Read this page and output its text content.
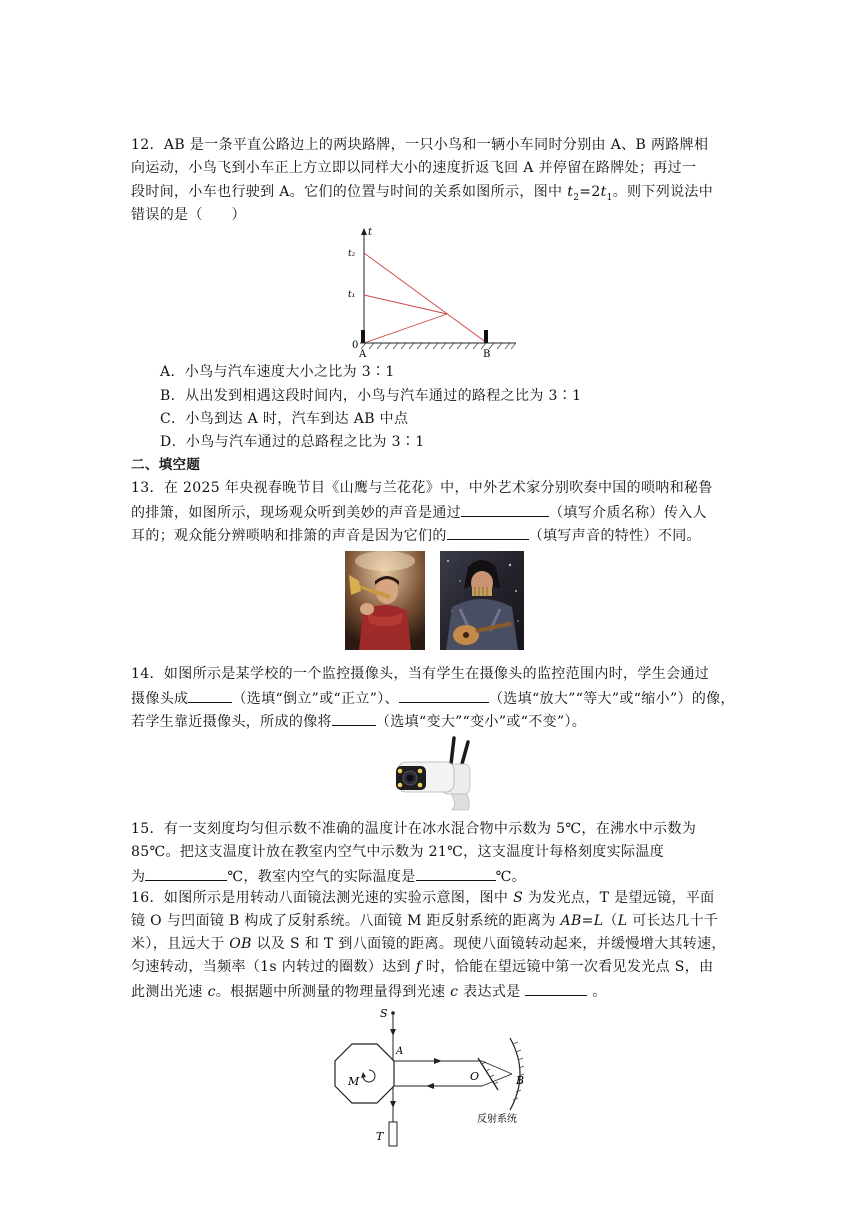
12．AB 是一条平直公路边上的两块路牌，一只小鸟和一辆小车同时分别由 A、B 两路牌相
向运动，小鸟飞到小车正上方立即以同样大小的速度折返飞回 A 并停留在路牌处；再过一
段时间，小车也行驶到 A。它们的位置与时间的关系如图所示，图中 $t_2=2t_1$。则下列说法中
错误的是（　　）
t
t₂
t₁
0
A	B
A．小鸟与汽车速度大小之比为 3∶1
B．从出发到相遇这段时间内，小鸟与汽车通过的路程之比为 3∶1
C．小鸟到达 A 时，汽车到达 AB 中点
D．小鸟与汽车通过的总路程之比为 3∶1
二、填空题
13．在 2025 年央视春晚节目《山鹰与兰花花》中，中外艺术家分别吹奏中国的唢呐和秘鲁
的排箫，如图所示，现场观众听到美妙的声音是通过	（填写介质名称）传入人
耳的；观众能分辨唢呐和排箫的声音是因为它们的	（填写声音的特性）不同。
14．如图所示是某学校的一个监控摄像头，当有学生在摄像头的监控范围内时，学生会通过
摄像头成	（选填“倒立”或“正立”）、	（选填“放大”“等大”或“缩小”）的像，
若学生靠近摄像头，所成的像将	（选填“变大”“变小”或“不变”）。
15．有一支刻度均匀但示数不准确的温度计在冰水混合物中示数为 5℃，在沸水中示数为
85℃。把这支温度计放在教室内空气中示数为 21℃，这支温度计每格刻度实际温度
为	℃，教室内空气的实际温度是	℃。
16．如图所示是用转动八面镜法测光速的实验示意图，图中 S 为发光点，T 是望远镜，平面
镜 O 与凹面镜 B 构成了反射系统。八面镜 M 距反射系统的距离为 AB=L（L 可长达几十千
米），且远大于 OB 以及 S 和 T 到八面镜的距离。现使八面镜转动起来，并缓慢增大其转速，
匀速转动，当频率（1s 内转过的圈数）达到 f 时，恰能在望远镜中第一次看见发光点 S，由
此测出光速 c。根据题中所测量的物理量得到光速 c 表达式是	。
M
S
A
T
O	B
反射系统
